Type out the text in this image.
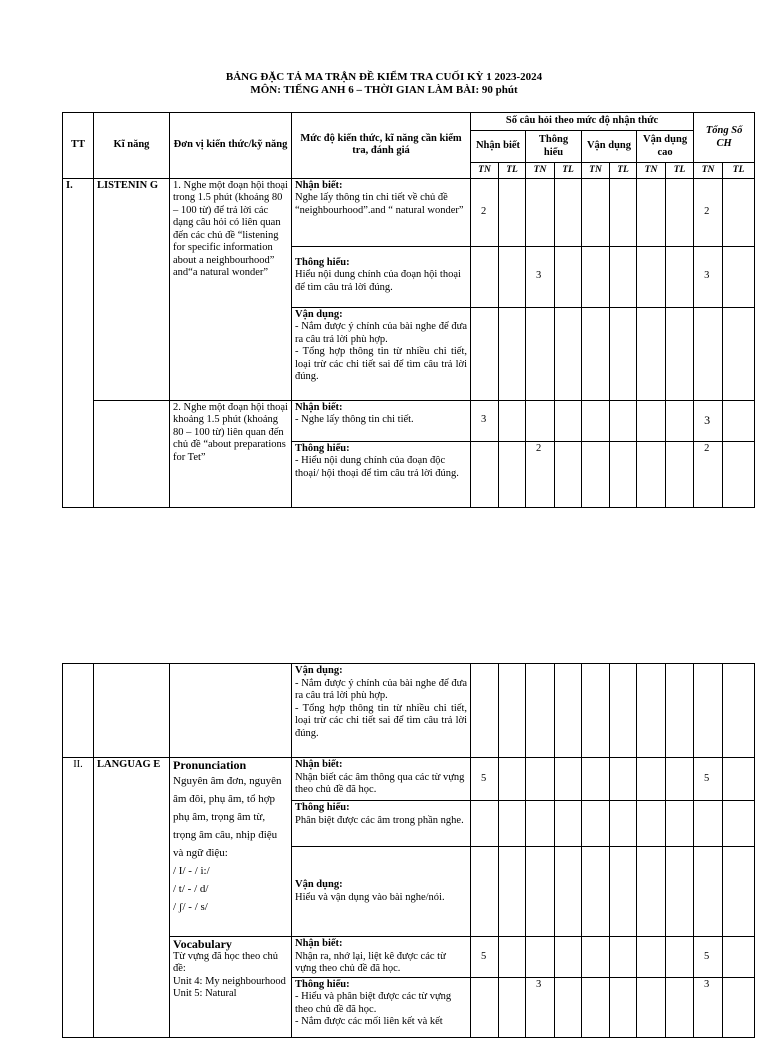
BẢNG ĐẶC TẢ MA TRẬN ĐỀ KIỂM TRA CUỐI KỲ 1 2023-2024
MÔN: TIẾNG ANH 6 – THỜI GIAN LÀM BÀI: 90 phút
TT	Kĩ năng	Đơn vị kiến thức/kỹ năng	Mức độ kiến thức, kĩ năng cần kiểm tra, đánh giá	Số câu hỏi theo mức độ nhận thức								Tổng Số CH	
				Nhận biết		Thông hiểu		Vận dụng		Vận dụng cao			
				TN	TL	TN	TL	TN	TL	TN	TL	TN	TL
I.	LISTENIN G	1. Nghe một đoạn hội thoại trong 1.5 phút (khoảng 80 – 100 từ) để trả lời các dạng câu hỏi có liên quan đến các chủ đề “listening for specific information about a neighbourhood” and“a natural wonder”	Nhận biết:
Nghe lấy thông tin chi tiết về chủ đề “neighbourhood”.and “ natural wonder”	2								2	

			Thông hiểu:
Hiểu nội dung chính của đoạn hội thoại để tìm câu trả lời đúng.			3						3	

			Vận dụng:
- Nắm được ý chính của bài nghe để đưa ra câu trả lời phù hợp.
- Tổng hợp thông tin từ nhiều chi tiết, loại trừ các chi tiết sai để tìm câu trả lời đúng.										

		2. Nghe một đoạn hội thoại khoảng 1.5 phút (khoảng 80 – 100 từ) liên quan đến chủ đề “about preparations for Tet”	Nhận biết:
- Nghe lấy thông tin chi tiết.	3								3	

			Thông hiểu:
- Hiểu nội dung chính của đoạn độc thoại/ hội thoại để tìm câu trả lời đúng.			2						2	

			Vận dụng:
- Nắm được ý chính của bài nghe để đưa ra câu trả lời phù hợp.
- Tổng hợp thông tin từ nhiều chi tiết, loại trừ các chi tiết sai để tìm câu trả lời đúng.										

II.	LANGUAG E	Pronunciation
Nguyên âm đơn, nguyên âm đôi, phụ âm, tổ hợp phụ âm, trọng âm từ, trọng âm câu, nhịp điệu và ngữ điệu:
/ I/ - / i:/
/ t/ - / d/
/ ʃ/ - / s/	Nhận biết:
Nhận biết các âm thông qua các từ vựng theo chủ đề đã học.	5								5	

			Thông hiểu:
Phân biệt được các âm trong phần nghe.										

			Vận dụng:
Hiểu và vận dụng vào bài nghe/nói.										

		Vocabulary
Từ vựng đã học theo chủ đề:
Unit 4: My neighbourhood
Unit 5: Natural	Nhận biết:
Nhận ra, nhớ lại, liệt kê được các từ vựng theo chủ đề đã học.	5								5	

			Thông hiểu:
- Hiểu và phân biệt được các từ vựng theo chủ đề đã học.
- Nắm được các mối liên kết và kết			3						3	
